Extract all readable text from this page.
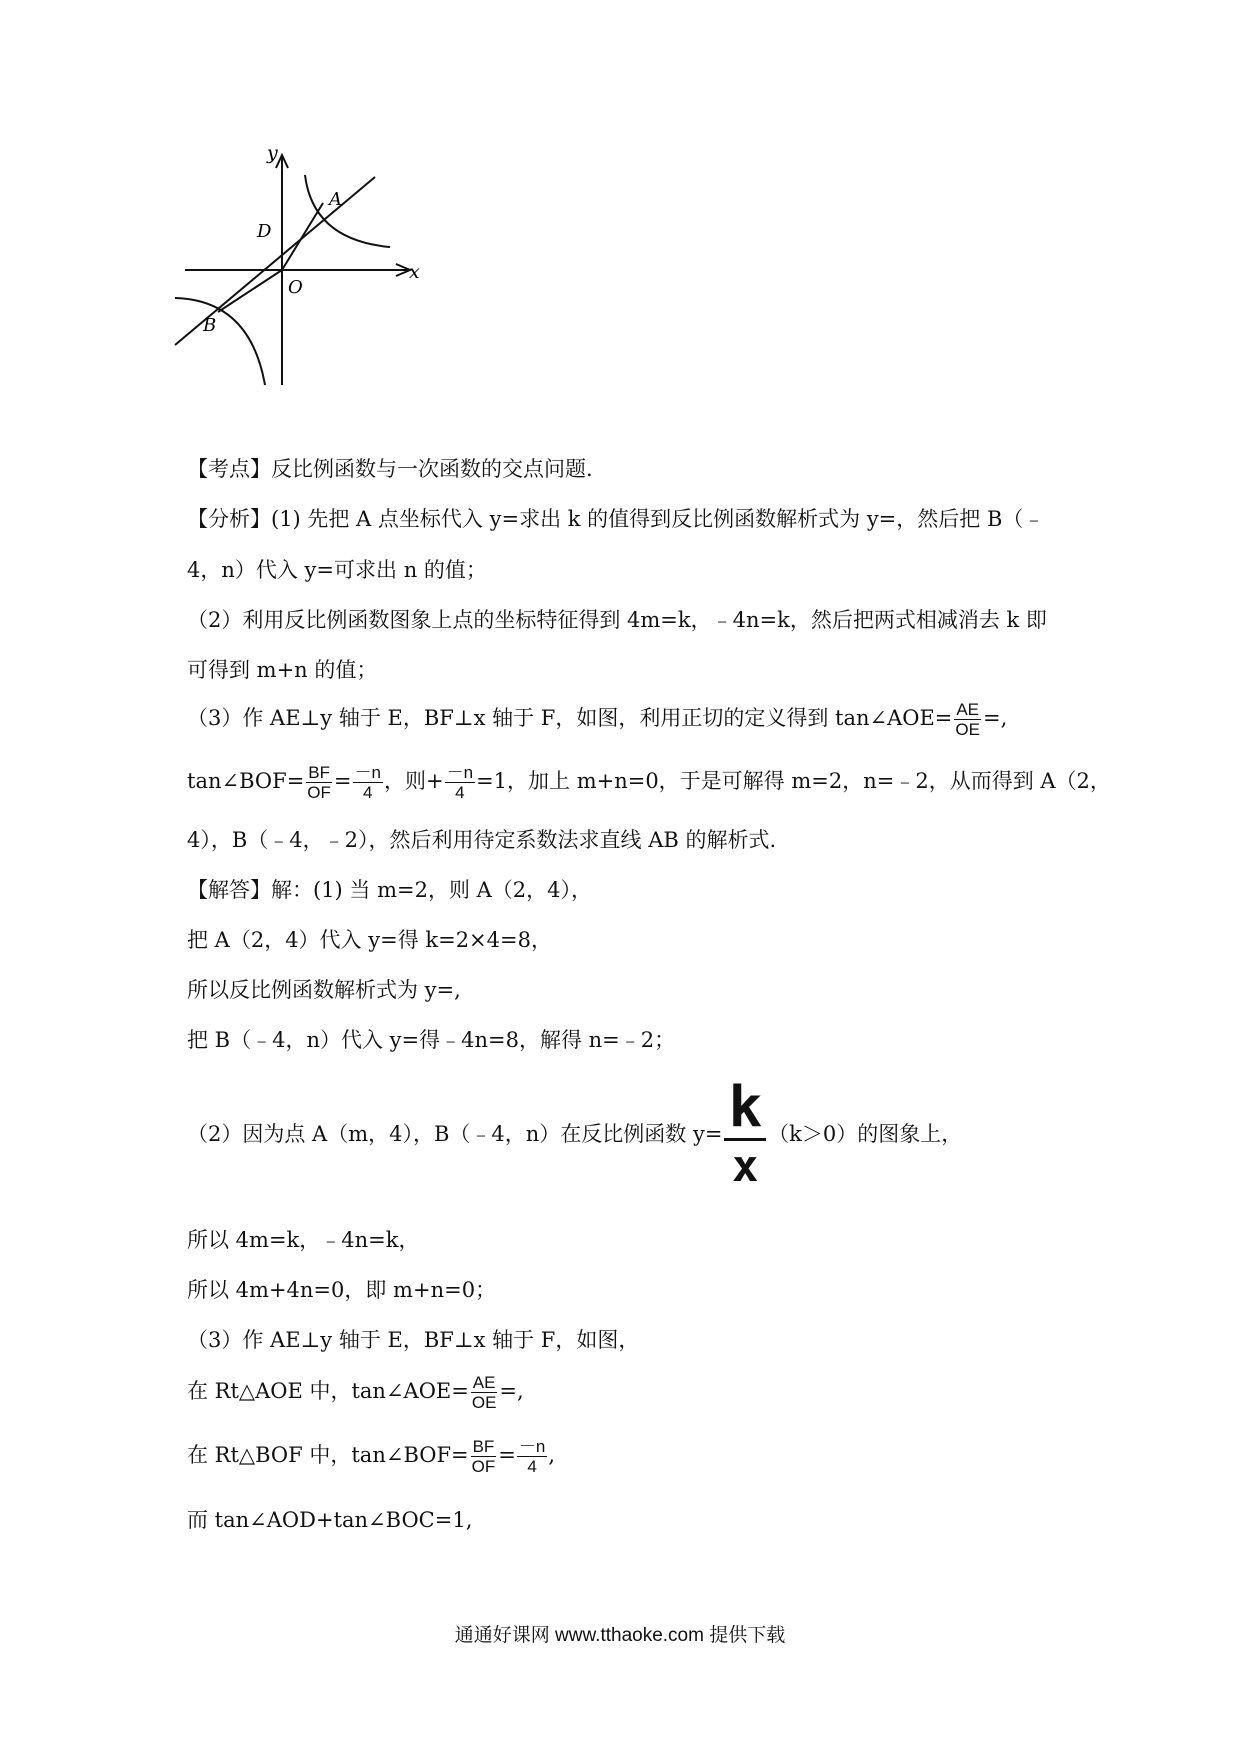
y
x
A
B
D
O
【考点】反比例函数与一次函数的交点问题.
【分析】(1) 先把 A 点坐标代入 y=求出 k 的值得到反比例函数解析式为 y=，然后把 B（﹣
4，n）代入 y=可求出 n 的值；
（2）利用反比例函数图象上点的坐标特征得到 4m=k，﹣4n=k，然后把两式相减消去 k 即
可得到 m+n 的值；
（3）作 AE⊥y 轴于 E，BF⊥x 轴于 F，如图，利用正切的定义得到 tan∠AOE= $\frac{AE}{OE}$ =,
tan∠BOF= $\frac{BF}{OF} = \frac{-n}{4}$ ，则+ $\frac{-n}{4} =1$，加上 m+n=0，于是可解得 m=2，n=﹣2，从而得到 A（2，
4），B（﹣4，﹣2），然后利用待定系数法求直线 AB 的解析式.
【解答】解：(1) 当 m=2，则 A（2，4），
把 A（2，4）代入 y=得 k=2×4=8，
所以反比例函数解析式为 y=,
把 B（﹣4，n）代入 y=得﹣4n=8，解得 n=﹣2；
（2）因为点 A（m，4），B（﹣4，n）在反比例函数 $y= \frac{k}{x} (k>0)$的图象上，
所以 4m=k，﹣4n=k，
所以 4m+4n=0，即 m+n=0；
（3）作 AE⊥y 轴于 E，BF⊥x 轴于 F，如图，
在 Rt△AOE 中，tan∠AOE= $\frac{AE}{OE}$ =,
在 Rt△BOF 中，tan∠BOF= $\frac{BF}{OF} = \frac{-n}{4}$ ,
而 tan∠AOD+tan∠BOC=1,
通通好课网 www.tthaoke.com 提供下载
